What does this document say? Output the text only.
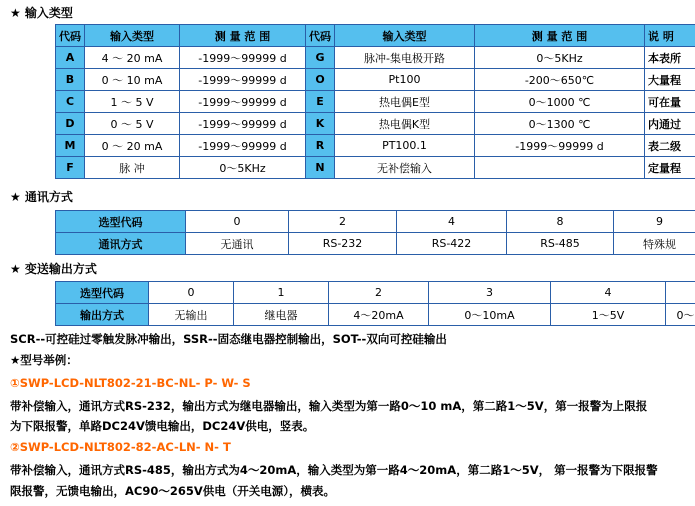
★ 输入类型
代码	输入类型	测 量 范 围	代码	输入类型	测 量 范 围	说 明
A	4 ～ 20 mA	-1999～99999 d	G	脉冲-集电极开路	0～5KHz	本表所
B	0 ～ 10 mA	-1999～99999 d	O	Pt100	-200～650℃	大量程
C	1 ～ 5 V	-1999～99999 d	E	热电偶E型	0～1000 ℃	可在量
D	0 ～ 5 V	-1999～99999 d	K	热电偶K型	0～1300 ℃	内通过
M	0 ～ 20 mA	-1999～99999 d	R	PT100.1	-1999～99999 d	表二级
F	脉 冲	0～5KHz	N	无补偿输入		定量程
★ 通讯方式
选型代码	0	2	4	8	9
通讯方式	无通讯	RS-232	RS-422	RS-485	特殊规
★ 变送输出方式
选型代码	0	1	2	3	4	
输出方式	无输出	继电器	4～20mA	0～10mA	1～5V	0～
SCR--可控硅过零触发脉冲输出，SSR--固态继电器控制输出，SOT--双向可控硅输出
★型号举例：
①SWP-LCD-NLT802-21-BC-NL- P- W- S
带补偿输入，通讯方式RS-232，输出方式为继电器输出，输入类型为第一路0～10 mA，第二路1～5V，第一报警为上限报
为下限报警，单路DC24V馈电输出，DC24V供电，竖表。
②SWP-LCD-NLT802-82-AC-LN- N- T
带补偿输入，通讯方式RS-485，输出方式为4～20mA，输入类型为第一路4～20mA，第二路1～5V， 第一报警为下限报警
限报警，无馈电输出，AC90～265V供电（开关电源），横表。
